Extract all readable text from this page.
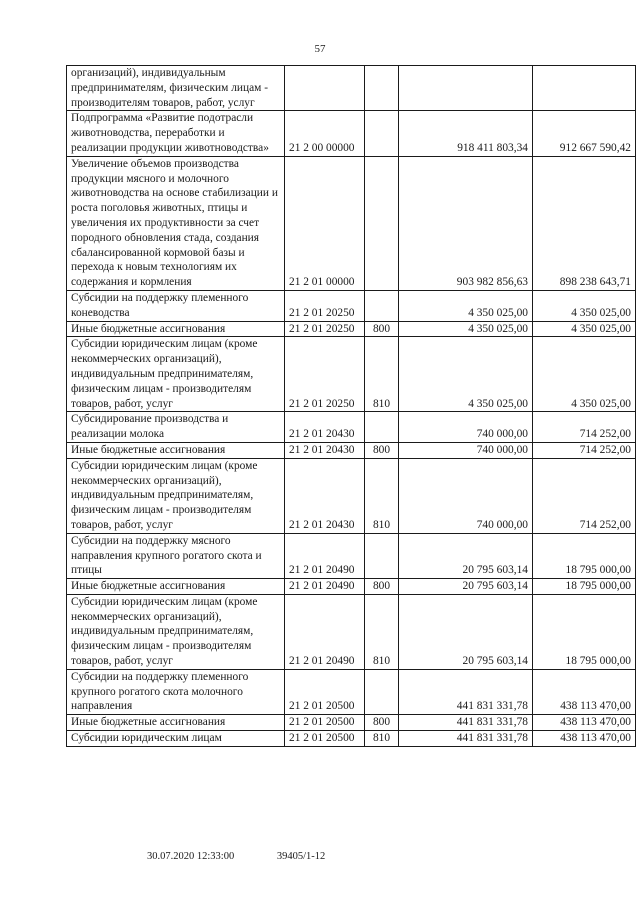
57
организаций), индивидуальным предпринимателям, физическим лицам - производителям товаров, работ, услуг				
Подпрограмма «Развитие подотрасли животноводства, переработки и реализации продукции животноводства»	21 2 00 00000		918 411 803,34	912 667 590,42
Увеличение объемов производства продукции мясного и молочного животноводства на основе стабилизации и роста поголовья животных, птицы и увеличения их продуктивности за счет породного обновления стада, создания сбалансированной кормовой базы и перехода к новым технологиям их содержания и кормления	21 2 01 00000		903 982 856,63	898 238 643,71
Субсидии на поддержку племенного коневодства	21 2 01 20250		4 350 025,00	4 350 025,00
Иные бюджетные ассигнования	21 2 01 20250	800	4 350 025,00	4 350 025,00
Субсидии юридическим лицам (кроме некоммерческих организаций), индивидуальным предпринимателям, физическим лицам - производителям товаров, работ, услуг	21 2 01 20250	810	4 350 025,00	4 350 025,00
Субсидирование производства и реализации молока	21 2 01 20430		740 000,00	714 252,00
Иные бюджетные ассигнования	21 2 01 20430	800	740 000,00	714 252,00
Субсидии юридическим лицам (кроме некоммерческих организаций), индивидуальным предпринимателям, физическим лицам - производителям товаров, работ, услуг	21 2 01 20430	810	740 000,00	714 252,00
Субсидии на поддержку мясного направления крупного рогатого скота и птицы	21 2 01 20490		20 795 603,14	18 795 000,00
Иные бюджетные ассигнования	21 2 01 20490	800	20 795 603,14	18 795 000,00
Субсидии юридическим лицам (кроме некоммерческих организаций), индивидуальным предпринимателям, физическим лицам - производителям товаров, работ, услуг	21 2 01 20490	810	20 795 603,14	18 795 000,00
Субсидии на поддержку племенного крупного рогатого скота молочного направления	21 2 01 20500		441 831 331,78	438 113 470,00
Иные бюджетные ассигнования	21 2 01 20500	800	441 831 331,78	438 113 470,00
Субсидии юридическим лицам	21 2 01 20500	810	441 831 331,78	438 113 470,00
30.07.2020 12:33:00	39405/1-12
